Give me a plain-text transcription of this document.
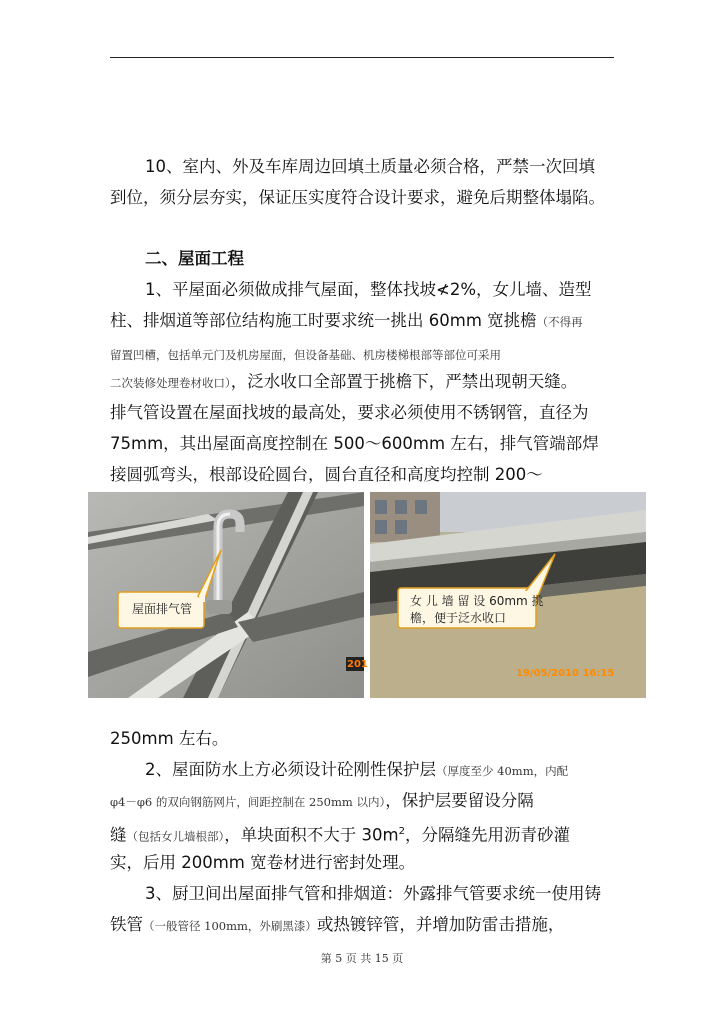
10、室内、外及车库周边回填土质量必须合格，严禁一次回填
到位，须分层夯实，保证压实度符合设计要求，避免后期整体塌陷。
二、屋面工程
1、平屋面必须做成排气屋面，整体找坡≮2%，女儿墙、造型
柱、排烟道等部位结构施工时要求统一挑出 60mm 宽挑檐（不得再
留置凹槽，包括单元门及机房屋面，但设备基础、机房楼梯根部等部位可采用
二次装修处理卷材收口），泛水收口全部置于挑檐下，严禁出现朝天缝。
排气管设置在屋面找坡的最高处，要求必须使用不锈钢管，直径为
75mm，其出屋面高度控制在 500～600mm 左右，排气管端部焊
接圆弧弯头，根部设砼圆台，圆台直径和高度均控制 200～
屋面排气管
201
女 儿 墙 留 设 60mm 挑
檐，便于泛水收口
19/05/2010 16:15
250mm 左右。
2、屋面防水上方必须设计砼刚性保护层（厚度至少 40mm，内配
φ4－φ6 的双向钢筋网片，间距控制在 250mm 以内），保护层要留设分隔
缝（包括女儿墙根部），单块面积不大于 $30m^2$，分隔缝先用沥青砂灌
实，后用 200mm 宽卷材进行密封处理。
3、厨卫间出屋面排气管和排烟道：外露排气管要求统一使用铸
铁管（一般管径 100mm，外刷黑漆）或热镀锌管，并增加防雷击措施，
第 5 页 共 15 页
